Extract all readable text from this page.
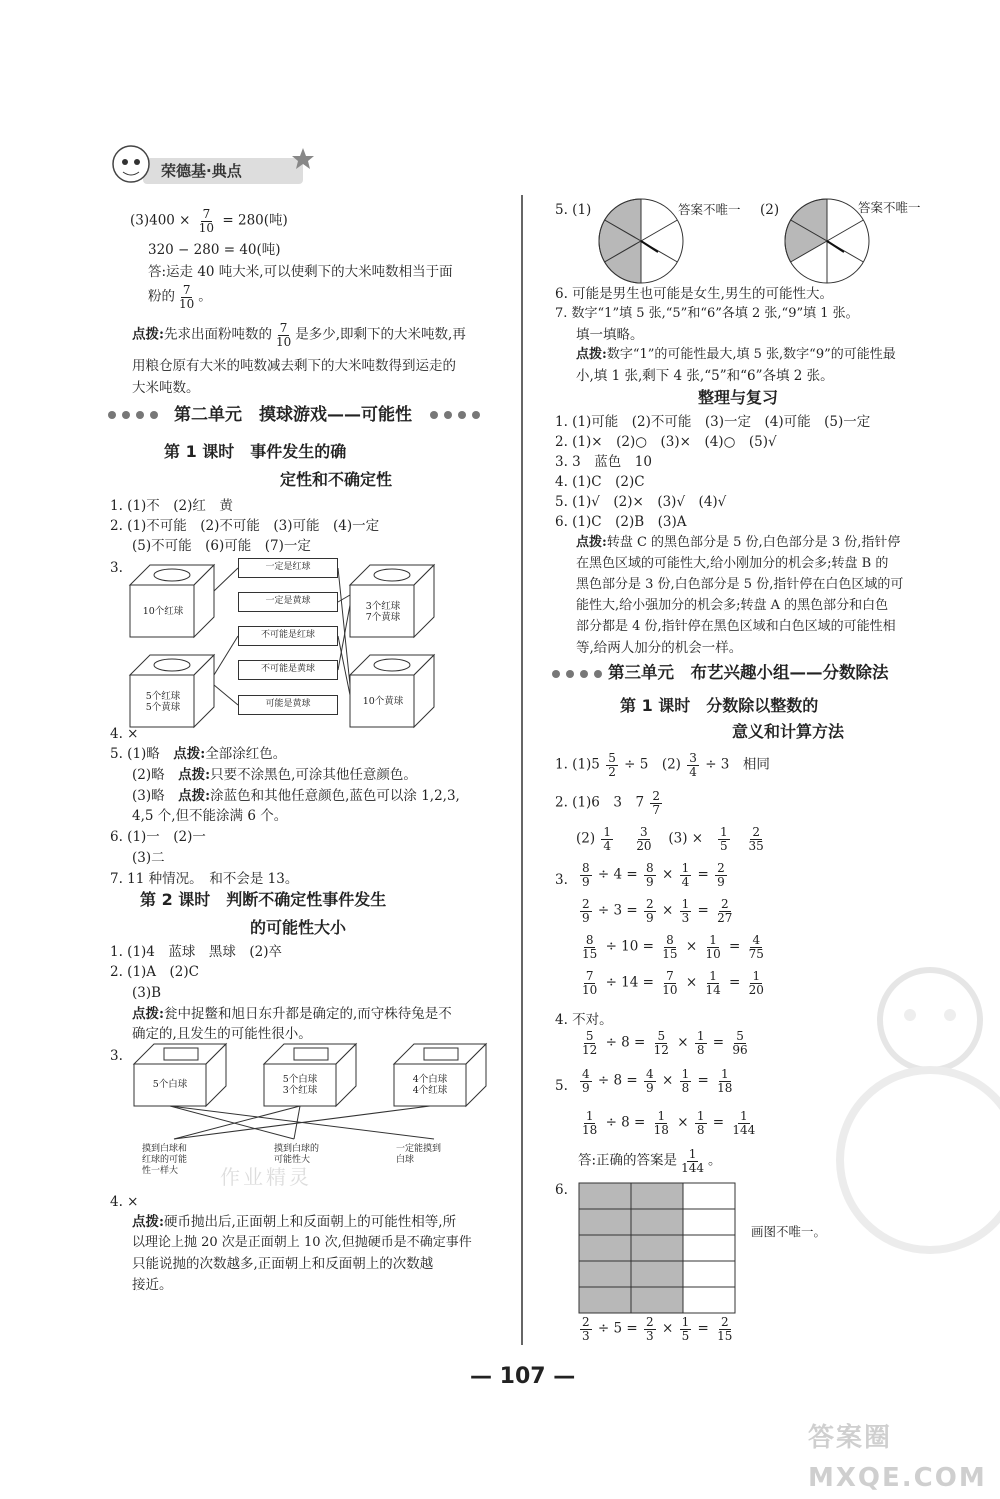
荣德基·典点
$(3)400 \times \frac{7}{10} = 280$(吨)
320 − 280 = 40(吨)
答:运走 40 吨大米,可以使剩下的大米吨数相当于面
粉的 $\frac{7}{10}$ 。
点拨:先求出面粉吨数的 $\frac{7}{10}$ 是多少,即剩下的大米吨数,再
用粮仓原有大米的吨数减去剩下的大米吨数得到运走的
大米吨数。
第二单元　摸球游戏——可能性
第 1 课时　事件发生的确
定性和不确定性
1. (1)不　(2)红　黄
2. (1)不可能　(2)不可能　(3)可能　(4)一定
(5)不可能　(6)可能　(7)一定
3.
10个红球
5个红球
5个黄球
3个红球
7个黄球
10个黄球
一定是红球
一定是黄球
不可能是红球
不可能是黄球
可能是黄球
4. ×
5. (1)略　点拨:全部涂红色。
(2)略　点拨:只要不涂黑色,可涂其他任意颜色。
(3)略　点拨:涂蓝色和其他任意颜色,蓝色可以涂 1,2,3,
4,5 个,但不能涂满 6 个。
6. (1)一　(2)一
(3)二
7. 11 种情况。　和不会是 13。
第 2 课时　判断不确定性事件发生
的可能性大小
1. (1)4　蓝球　黑球　(2)卒
2. (1)A　(2)C
(3)B
点拨:瓮中捉鳖和旭日东升都是确定的,而守株待兔是不
确定的,且发生的可能性很小。
3.
5个白球	5个白球
3个红球
4个白球
4个红球
摸到白球和
红球的可能
性一样大
摸到白球的
可能性大
一定能摸到
白球
作业精灵
4. ×
点拨:硬币抛出后,正面朝上和反面朝上的可能性相等,所
以理论上抛 20 次是正面朝上 10 次,但抛硬币是不确定事件
只能说抛的次数越多,正面朝上和反面朝上的次数越
接近。
5. (1)	答案不唯一 (2)	答案不唯一
6. 可能是男生也可能是女生,男生的可能性大。
7. 数字“1”填 5 张,“5”和“6”各填 2 张,“9”填 1 张。
填一填略。
点拨:数字“1”的可能性最大,填 5 张,数字“9”的可能性最
小,填 1 张,剩下 4 张,“5”和“6”各填 2 张。
整理与复习
1. (1)可能　(2)不可能　(3)一定　(4)可能　(5)一定
2. (1)×　(2)○　(3)×　(4)○　(5)√
3. 3　蓝色　10
4. (1)C　(2)C
5. (1)√　(2)×　(3)√　(4)√
6. (1)C　(2)B　(3)A
点拨:转盘 C 的黑色部分是 5 份,白色部分是 3 份,指针停
在黑色区域的可能性大,给小刚加分的机会多;转盘 B 的
黑色部分是 3 份,白色部分是 5 份,指针停在白色区域的可
能性大,给小强加分的机会多;转盘 A 的黑色部分和白色
部分都是 4 份,指针停在黑色区域和白色区域的可能性相
等,给两人加分的机会一样。
第三单元　布艺兴趣小组——分数除法
第 1 课时　分数除以整数的
意义和计算方法
1. $(1)5 \frac{5}{2} \div 5$　$(2) \frac{3}{4} \div 3$　相同
2. (1)6　3　$7 \frac{2}{7}$
$(2) \frac{1}{4}$
$\frac{3}{20} (3) \times \frac{1}{5}$
$\frac{2}{35}$
3. $\frac{8}{9} \div 4 = \frac{8}{9} \times \frac{1}{4} = \frac{2}{9}$
$\frac{2}{9} \div 3 = \frac{2}{9} \times \frac{1}{3} = \frac{2}{27}$
$\frac{8}{15} \div 10 = \frac{8}{15} \times \frac{1}{10} = \frac{4}{75}$
$\frac{7}{10} \div 14 = \frac{7}{10} \times \frac{1}{14} = \frac{1}{20}$
4. 不对。
$\frac{5}{12} \div 8 = \frac{5}{12} \times \frac{1}{8} = \frac{5}{96}$
5. $\frac{4}{9} \div 8 = \frac{4}{9} \times \frac{1}{8} = \frac{1}{18}$
$\frac{1}{18} \div 8 = \frac{1}{18} \times \frac{1}{8} = \frac{1}{144}$
答:正确的答案是 $\frac{1}{144}$ 。
6.
画图不唯一。
$\frac{2}{3} \div 5 = \frac{2}{3} \times \frac{1}{5} = \frac{2}{15}$
— 107 —
答案圈 MXQE.COM
